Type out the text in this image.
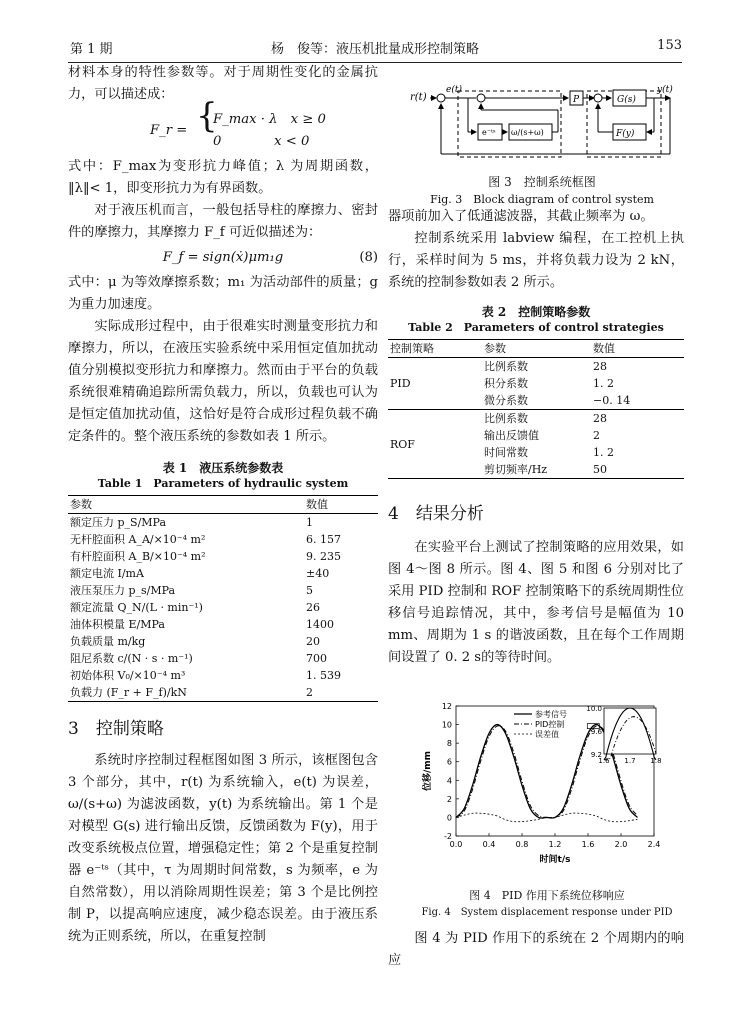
第 1 期	杨　俊等：液压机批量成形控制策略	153

材料本身的特性参数等。对于周期性变化的金属抗力，可以描述成：

F_r = {
F_max · λ　x ≥ 0
0　　　　x < 0

式中：F_max为变形抗力峰值；λ 为周期函数，‖λ‖< 1，即变形抗力为有界函数。

对于液压机而言，一般包括导柱的摩擦力、密封件的摩擦力，其摩擦力 F_f 可近似描述为：

F_f = sign(ẋ)μm₁g	(8)

式中：μ 为等效摩擦系数；m₁ 为活动部件的质量；g 为重力加速度。

实际成形过程中，由于很难实时测量变形抗力和摩擦力，所以，在液压实验系统中采用恒定值加扰动值分别模拟变形抗力和摩擦力。然而由于平台的负载系统很难精确追踪所需负载力，所以，负载也可认为是恒定值加扰动值，这恰好是符合成形过程负载不确定条件的。整个液压系统的参数如表 1 所示。

表 1　液压系统参数表
Table 1　Parameters of hydraulic system
参数	数值
额定压力 p_S/MPa	1
无杆腔面积 A_A/×10⁻⁴ m²	6. 157
有杆腔面积 A_B/×10⁻⁴ m²	9. 235
额定电流 I/mA	±40
液压泵压力 p_s/MPa	5
额定流量 Q_N/(L · min⁻¹)	26
油体积模量 E/MPa	1400
负载质量 m/kg	20
阻尼系数 c/(N · s · m⁻¹)	700
初始体积 V₀/×10⁻⁴ m³	1. 539
负载力 (F_r + F_f)/kN	2
3　控制策略

系统时序控制过程框图如图 3 所示，该框图包含 3 个部分，其中，r(t) 为系统输入，e(t) 为误差，ω/(s+ω) 为滤波函数，y(t) 为系统输出。第 1 个是对模型 G(s) 进行输出反馈，反馈函数为 F(y)，用于改变系统极点位置，增强稳定性；第 2 个是重复控制器 e⁻ᵗˢ（其中，τ 为周期时间常数，s 为频率，e 为自然常数），用以消除周期性误差；第 3 个是比例控制 P，以提高响应速度，减少稳态误差。由于液压系统为正则系统，所以，在重复控制

r(t)
e(t)
P	G(s)
y(t)
F(y)
e⁻ᵗˢ ω/(s+ω)
图 3　控制系统框图
Fig. 3　Block diagram of control system

器项前加入了低通滤波器，其截止频率为 ω。

控制系统采用 labview 编程，在工控机上执行，采样时间为 5 ms，并将负载力设为 2 kN，系统的控制参数如表 2 所示。

表 2　控制策略参数
Table 2　Parameters of control strategies
控制策略	参数	数值
PID	比例系数	28
	积分系数	1. 2
	微分系数	−0. 14
ROF	比例系数	28
	输出反馈值	2
	时间常数	1. 2
	剪切频率/Hz	50
4　结果分析

在实验平台上测试了控制策略的应用效果，如图 4～图 8 所示。图 4、图 5 和图 6 分别对比了采用 PID 控制和 ROF 控制策略下的系统周期性位移信号追踪情况，其中，参考信号是幅值为 10 mm、周期为 1 s 的谐波函数，且在每个工作周期间设置了 0. 2 s的等待时间。

0.0	0.4	0.8	1.2	1.6	2.0	2.4
-2
0
2
4
6
8
10
12
时间t/s
位移/mm
参考信号
PID控制
误差值
1.6 1.7 1.8
9.2
9.6
10.0
图 4　PID 作用下系统位移响应
Fig. 4　System displacement response under PID

图 4 为 PID 作用下的系统在 2 个周期内的响应
